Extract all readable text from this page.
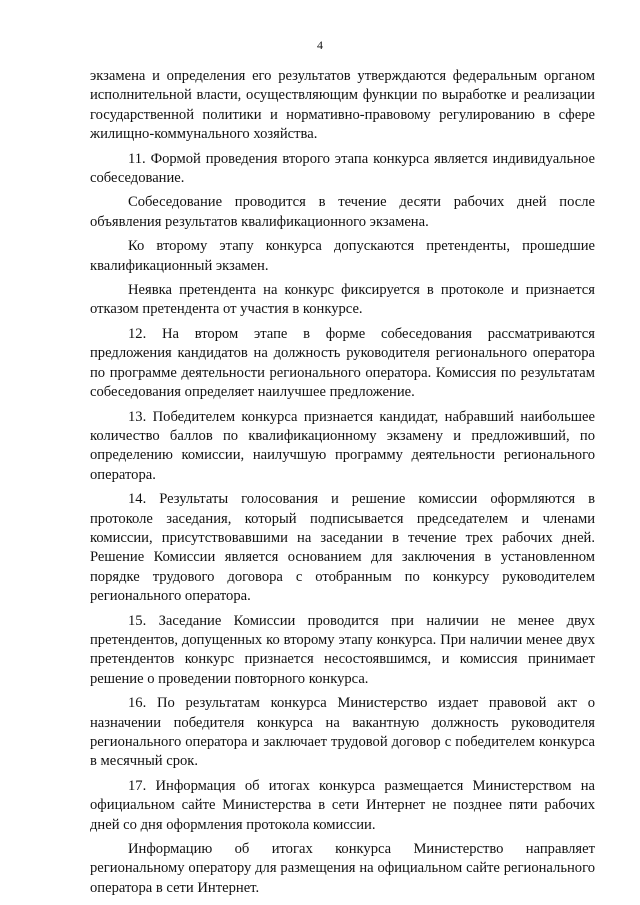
4

экзамена и определения его результатов утверждаются федеральным органом исполнительной власти, осуществляющим функции по выработке и реализации государственной политики и нормативно-правовому регулированию в сфере жилищно-коммунального хозяйства.

11. Формой проведения второго этапа конкурса является индивидуальное собеседование.

Собеседование проводится в течение десяти рабочих дней после объявления результатов квалификационного экзамена.

Ко второму этапу конкурса допускаются претенденты, прошедшие квалификационный экзамен.

Неявка претендента на конкурс фиксируется в протоколе и признается отказом претендента от участия в конкурсе.

12. На втором этапе в форме собеседования рассматриваются предложения кандидатов на должность руководителя регионального оператора по программе деятельности регионального оператора. Комиссия по результатам собеседования определяет наилучшее предложение.

13. Победителем конкурса признается кандидат, набравший наибольшее количество баллов по квалификационному экзамену и предложивший, по определению комиссии, наилучшую программу деятельности регионального оператора.

14. Результаты голосования и решение комиссии оформляются в протоколе заседания, который подписывается председателем и членами комиссии, присутствовавшими на заседании в течение трех рабочих дней. Решение Комиссии является основанием для заключения в установленном порядке трудового договора с отобранным по конкурсу руководителем регионального оператора.

15. Заседание Комиссии проводится при наличии не менее двух претендентов, допущенных ко второму этапу конкурса. При наличии менее двух претендентов конкурс признается несостоявшимся, и комиссия принимает решение о проведении повторного конкурса.

16. По результатам конкурса Министерство издает правовой акт о назначении победителя конкурса на вакантную должность руководителя регионального оператора и заключает трудовой договор с победителем конкурса в месячный срок.

17. Информация об итогах конкурса размещается Министерством на официальном сайте Министерства в сети Интернет не позднее пяти рабочих дней со дня оформления протокола комиссии.

Информацию об итогах конкурса Министерство направляет региональному оператору для размещения на официальном сайте регионального оператора в сети Интернет.
